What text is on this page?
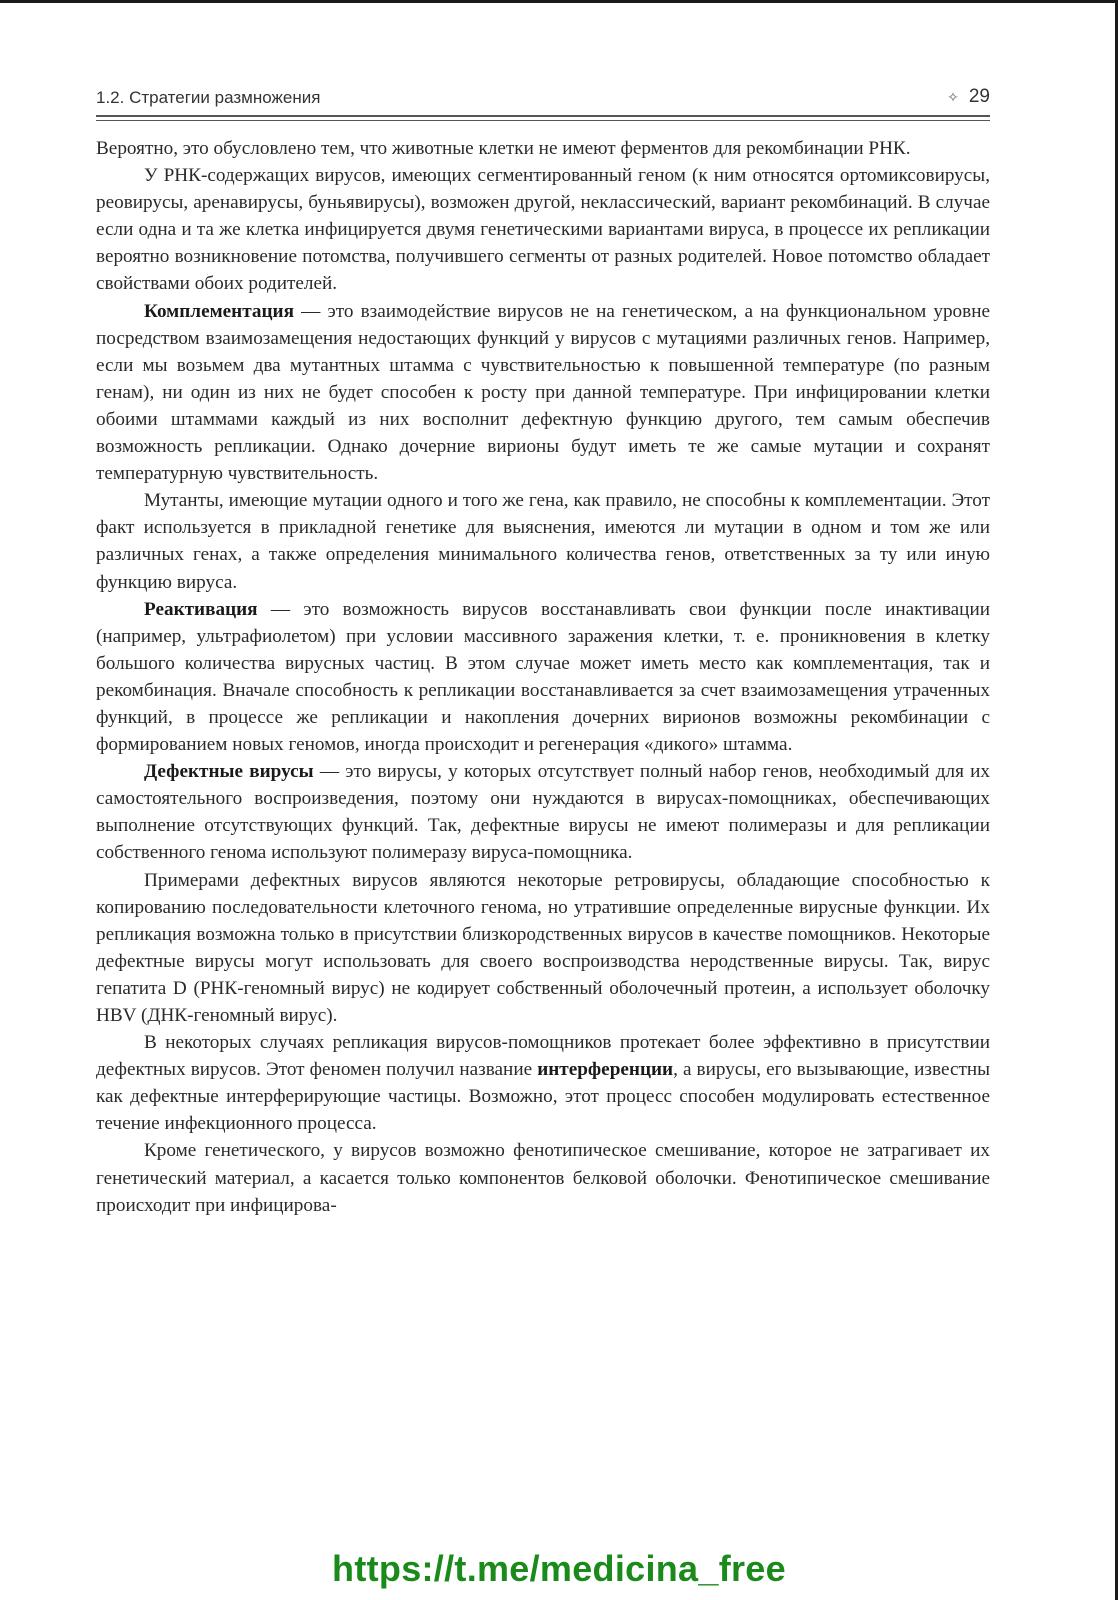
1.2. Стратегии размножения	✧ 29

Вероятно, это обусловлено тем, что животные клетки не имеют ферментов для рекомбинации РНК.

У РНК-содержащих вирусов, имеющих сегментированный геном (к ним относятся ортомиксовирусы, реовирусы, аренавирусы, буньявирусы), возможен другой, неклассический, вариант рекомбинаций. В случае если одна и та же клетка инфицируется двумя генетическими вариантами вируса, в процессе их репликации вероятно возникновение потомства, получившего сегменты от разных родителей. Новое потомство обладает свойствами обоих родителей.

Комплементация — это взаимодействие вирусов не на генетическом, а на функциональном уровне посредством взаимозамещения недостающих функций у вирусов с мутациями различных генов. Например, если мы возьмем два мутантных штамма с чувствительностью к повышенной температуре (по разным генам), ни один из них не будет способен к росту при данной температуре. При инфицировании клетки обоими штаммами каждый из них восполнит дефектную функцию другого, тем самым обеспечив возможность репликации. Однако дочерние вирионы будут иметь те же самые мутации и сохранят температурную чувствительность.

Мутанты, имеющие мутации одного и того же гена, как правило, не способны к комплементации. Этот факт используется в прикладной генетике для выяснения, имеются ли мутации в одном и том же или различных генах, а также определения минимального количества генов, ответственных за ту или иную функцию вируса.

Реактивация — это возможность вирусов восстанавливать свои функции после инактивации (например, ультрафиолетом) при условии массивного заражения клетки, т. е. проникновения в клетку большого количества вирусных частиц. В этом случае может иметь место как комплементация, так и рекомбинация. Вначале способность к репликации восстанавливается за счет взаимозамещения утраченных функций, в процессе же репликации и накопления дочерних вирионов возможны рекомбинации с формированием новых геномов, иногда происходит и регенерация «дикого» штамма.

Дефектные вирусы — это вирусы, у которых отсутствует полный набор генов, необходимый для их самостоятельного воспроизведения, поэтому они нуждаются в вирусах-помощниках, обеспечивающих выполнение отсутствующих функций. Так, дефектные вирусы не имеют полимеразы и для репликации собственного генома используют полимеразу вируса-помощника.

Примерами дефектных вирусов являются некоторые ретровирусы, обладающие способностью к копированию последовательности клеточного генома, но утратившие определенные вирусные функции. Их репликация возможна только в присутствии близкородственных вирусов в качестве помощников. Некоторые дефектные вирусы могут использовать для своего воспроизводства неродственные вирусы. Так, вирус гепатита D (РНК-геномный вирус) не кодирует собственный оболочечный протеин, а использует оболочку HBV (ДНК-геномный вирус).

В некоторых случаях репликация вирусов-помощников протекает более эффективно в присутствии дефектных вирусов. Этот феномен получил название интерференции, а вирусы, его вызывающие, известны как дефектные интерферирующие частицы. Возможно, этот процесс способен модулировать естественное течение инфекционного процесса.

Кроме генетического, у вирусов возможно фенотипическое смешивание, которое не затрагивает их генетический материал, а касается только компонентов белковой оболочки. Фенотипическое смешивание происходит при инфицирова-

https://t.me/medicina_free
